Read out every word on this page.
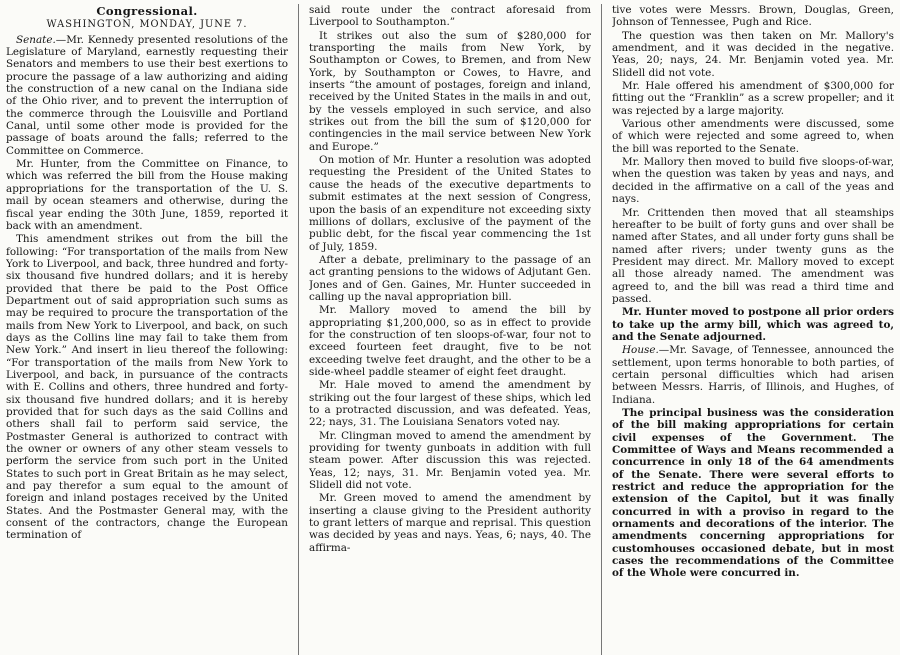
Congressional.
WASHINGTON, MONDAY, JUNE 7.

Senate.—Mr. Kennedy presented resolutions of the Legislature of Maryland, earnestly requesting their Senators and members to use their best exertions to procure the passage of a law authorizing and aiding the construction of a new canal on the Indiana side of the Ohio river, and to prevent the interruption of the commerce through the Louisville and Portland Canal, until some other mode is provided for the passage of boats around the falls; referred to the Committee on Commerce.

Mr. Hunter, from the Committee on Finance, to which was referred the bill from the House making appropriations for the transportation of the U. S. mail by ocean steamers and otherwise, during the fiscal year ending the 30th June, 1859, reported it back with an amendment.

This amendment strikes out from the bill the following: “For transportation of the mails from New York to Liverpool, and back, three hundred and forty-six thousand five hundred dollars; and it is hereby provided that there be paid to the Post Office Department out of said appropriation such sums as may be required to procure the transportation of the mails from New York to Liverpool, and back, on such days as the Collins line may fail to take them from New York.” And insert in lieu thereof the following: “For transportation of the mails from New York to Liverpool, and back, in pursuance of the contracts with E. Collins and others, three hundred and forty-six thousand five hundred dollars; and it is hereby provided that for such days as the said Collins and others shall fail to perform said service, the Postmaster General is authorized to contract with the owner or owners of any other steam vessels to perform the service from such port in the United States to such port in Great Britain as he may select, and pay therefor a sum equal to the amount of foreign and inland postages received by the United States. And the Postmaster General may, with the consent of the contractors, change the European termination of

said route under the contract aforesaid from Liverpool to Southampton.”

It strikes out also the sum of $280,000 for transporting the mails from New York, by Southampton or Cowes, to Bremen, and from New York, by Southampton or Cowes, to Havre, and inserts “the amount of postages, foreign and inland, received by the United States in the mails in and out, by the vessels employed in such service, and also strikes out from the bill the sum of $120,000 for contingencies in the mail service between New York and Europe.”

On motion of Mr. Hunter a resolution was adopted requesting the President of the United States to cause the heads of the executive departments to submit estimates at the next session of Congress, upon the basis of an expenditure not exceeding sixty millions of dollars, exclusive of the payment of the public debt, for the fiscal year commencing the 1st of July, 1859.

After a debate, preliminary to the passage of an act granting pensions to the widows of Adjutant Gen. Jones and of Gen. Gaines, Mr. Hunter succeeded in calling up the naval appropriation bill.

Mr. Mallory moved to amend the bill by appropriating $1,200,000, so as in effect to provide for the construction of ten sloops-of-war, four not to exceed fourteen feet draught, five to be not exceeding twelve feet draught, and the other to be a side-wheel paddle steamer of eight feet draught.

Mr. Hale moved to amend the amendment by striking out the four largest of these ships, which led to a protracted discussion, and was defeated. Yeas, 22; nays, 31. The Louisiana Senators voted nay.

Mr. Clingman moved to amend the amendment by providing for twenty gunboats in addition with full steam power. After discussion this was rejected. Yeas, 12; nays, 31. Mr. Benjamin voted yea. Mr. Slidell did not vote.

Mr. Green moved to amend the amendment by inserting a clause giving to the President authority to grant letters of marque and reprisal. This question was decided by yeas and nays. Yeas, 6; nays, 40. The affirma-

tive votes were Messrs. Brown, Douglas, Green, Johnson of Tennessee, Pugh and Rice.

The question was then taken on Mr. Mallory's amendment, and it was decided in the negative. Yeas, 20; nays, 24. Mr. Benjamin voted yea. Mr. Slidell did not vote.

Mr. Hale offered his amendment of $300,000 for fitting out the “Franklin” as a screw propeller; and it was rejected by a large majority.

Various other amendments were discussed, some of which were rejected and some agreed to, when the bill was reported to the Senate.

Mr. Mallory then moved to build five sloops-of-war, when the question was taken by yeas and nays, and decided in the affirmative on a call of the yeas and nays.

Mr. Crittenden then moved that all steamships hereafter to be built of forty guns and over shall be named after States, and all under forty guns shall be named after rivers; under twenty guns as the President may direct. Mr. Mallory moved to except all those already named. The amendment was agreed to, and the bill was read a third time and passed.

Mr. Hunter moved to postpone all prior orders to take up the army bill, which was agreed to, and the Senate adjourned.

House.—Mr. Savage, of Tennessee, announced the settlement, upon terms honorable to both parties, of certain personal difficulties which had arisen between Messrs. Harris, of Illinois, and Hughes, of Indiana.

The principal business was the consideration of the bill making appropriations for certain civil expenses of the Government. The Committee of Ways and Means recommended a concurrence in only 18 of the 64 amendments of the Senate. There were several efforts to restrict and reduce the appropriation for the extension of the Capitol, but it was finally concurred in with a proviso in regard to the ornaments and decorations of the interior. The amendments concerning appropriations for customhouses occasioned debate, but in most cases the recommendations of the Committee of the Whole were concurred in.
